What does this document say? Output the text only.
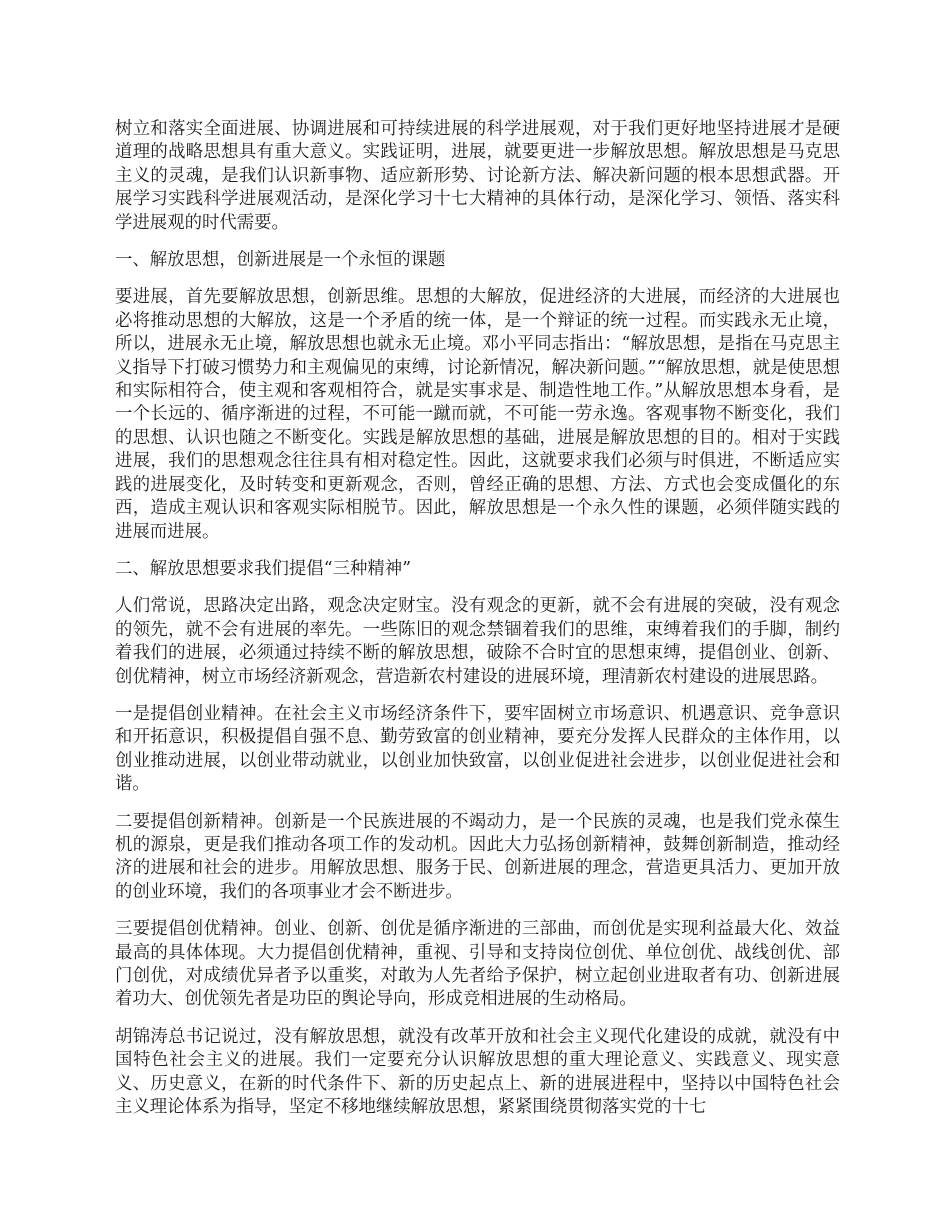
树立和落实全面进展、协调进展和可持续进展的科学进展观，对于我们更好地坚持进展才是硬道理的战略思想具有重大意义。实践证明，进展，就要更进一步解放思想。解放思想是马克思主义的灵魂，是我们认识新事物、适应新形势、讨论新方法、解决新问题的根本思想武器。开展学习实践科学进展观活动，是深化学习十七大精神的具体行动，是深化学习、领悟、落实科学进展观的时代需要。

一、解放思想，创新进展是一个永恒的课题

要进展，首先要解放思想，创新思维。思想的大解放，促进经济的大进展，而经济的大进展也必将推动思想的大解放，这是一个矛盾的统一体，是一个辩证的统一过程。而实践永无止境，所以，进展永无止境，解放思想也就永无止境。邓小平同志指出：“解放思想，是指在马克思主义指导下打破习惯势力和主观偏见的束缚，讨论新情况，解决新问题。”“解放思想，就是使思想和实际相符合，使主观和客观相符合，就是实事求是、制造性地工作。”从解放思想本身看，是一个长远的、循序渐进的过程，不可能一蹴而就，不可能一劳永逸。客观事物不断变化，我们的思想、认识也随之不断变化。实践是解放思想的基础，进展是解放思想的目的。相对于实践进展，我们的思想观念往往具有相对稳定性。因此，这就要求我们必须与时俱进，不断适应实践的进展变化，及时转变和更新观念，否则，曾经正确的思想、方法、方式也会变成僵化的东西，造成主观认识和客观实际相脱节。因此，解放思想是一个永久性的课题，必须伴随实践的进展而进展。

二、解放思想要求我们提倡“三种精神”

人们常说，思路决定出路，观念决定财宝。没有观念的更新，就不会有进展的突破，没有观念的领先，就不会有进展的率先。一些陈旧的观念禁锢着我们的思维，束缚着我们的手脚，制约着我们的进展，必须通过持续不断的解放思想，破除不合时宜的思想束缚，提倡创业、创新、创优精神，树立市场经济新观念，营造新农村建设的进展环境，理清新农村建设的进展思路。

一是提倡创业精神。在社会主义市场经济条件下，要牢固树立市场意识、机遇意识、竞争意识和开拓意识，积极提倡自强不息、勤劳致富的创业精神，要充分发挥人民群众的主体作用，以创业推动进展，以创业带动就业，以创业加快致富，以创业促进社会进步，以创业促进社会和谐。

二要提倡创新精神。创新是一个民族进展的不竭动力，是一个民族的灵魂，也是我们党永葆生机的源泉，更是我们推动各项工作的发动机。因此大力弘扬创新精神，鼓舞创新制造，推动经济的进展和社会的进步。用解放思想、服务于民、创新进展的理念，营造更具活力、更加开放的创业环境，我们的各项事业才会不断进步。

三要提倡创优精神。创业、创新、创优是循序渐进的三部曲，而创优是实现利益最大化、效益最高的具体体现。大力提倡创优精神，重视、引导和支持岗位创优、单位创优、战线创优、部门创优，对成绩优异者予以重奖，对敢为人先者给予保护，树立起创业进取者有功、创新进展着功大、创优领先者是功臣的舆论导向，形成竞相进展的生动格局。

胡锦涛总书记说过，没有解放思想，就没有改革开放和社会主义现代化建设的成就，就没有中国特色社会主义的进展。我们一定要充分认识解放思想的重大理论意义、实践意义、现实意义、历史意义，在新的时代条件下、新的历史起点上、新的进展进程中，坚持以中国特色社会主义理论体系为指导，坚定不移地继续解放思想，紧紧围绕贯彻落实党的十七
